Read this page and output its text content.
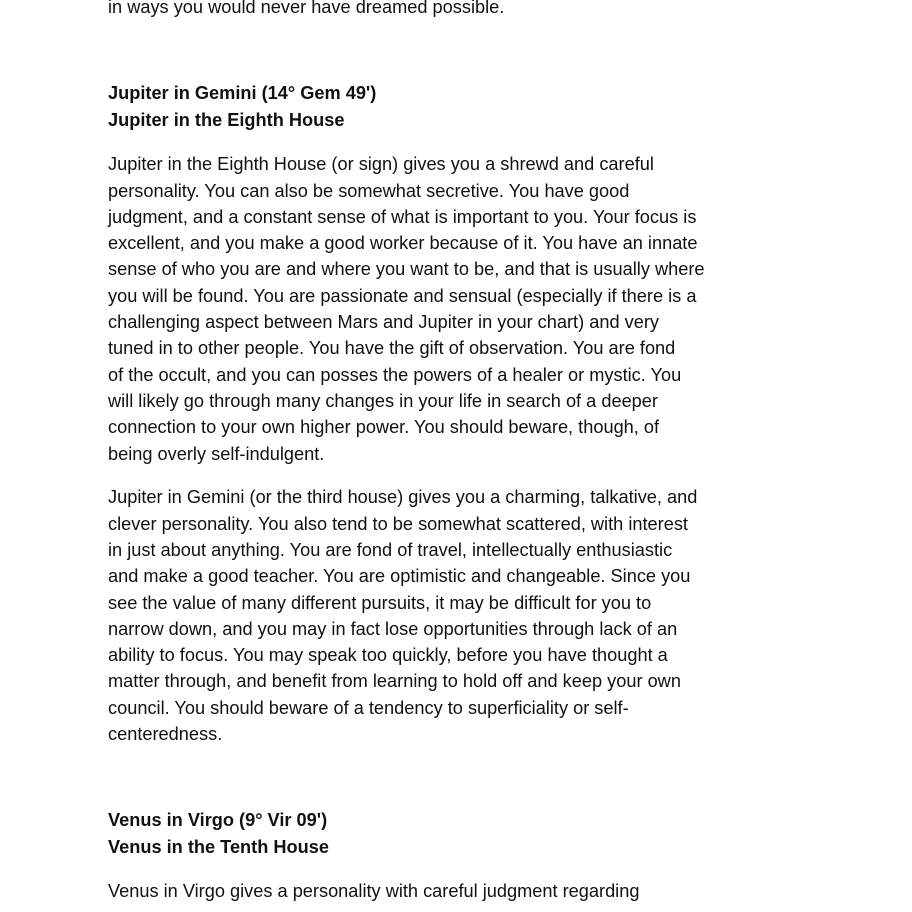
in ways you would never have dreamed possible.

Jupiter in Gemini (14° Gem 49')
Jupiter in the Eighth House

Jupiter in the Eighth House (or sign) gives you a shrewd and careful
personality. You can also be somewhat secretive. You have good
judgment, and a constant sense of what is important to you. Your focus is
excellent, and you make a good worker because of it. You have an innate
sense of who you are and where you want to be, and that is usually where
you will be found. You are passionate and sensual (especially if there is a
challenging aspect between Mars and Jupiter in your chart) and very
tuned in to other people. You have the gift of observation. You are fond
of the occult, and you can posses the powers of a healer or mystic. You
will likely go through many changes in your life in search of a deeper
connection to your own higher power. You should beware, though, of
being overly self-indulgent.

Jupiter in Gemini (or the third house) gives you a charming, talkative, and
clever personality. You also tend to be somewhat scattered, with interest
in just about anything. You are fond of travel, intellectually enthusiastic
and make a good teacher. You are optimistic and changeable. Since you
see the value of many different pursuits, it may be difficult for you to
narrow down, and you may in fact lose opportunities through lack of an
ability to focus. You may speak too quickly, before you have thought a
matter through, and benefit from learning to hold off and keep your own
council. You should beware of a tendency to superficiality or self-
centeredness.

Venus in Virgo (9° Vir 09')
Venus in the Tenth House

Venus in Virgo gives a personality with careful judgment regarding
